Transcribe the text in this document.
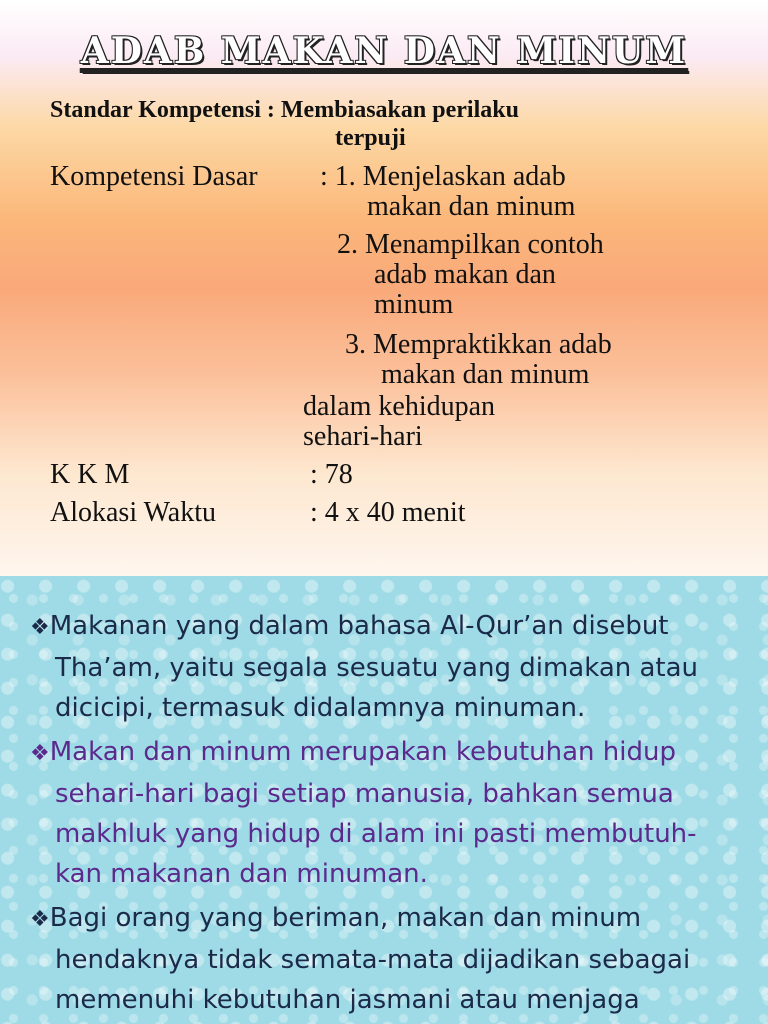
ADAB MAKAN DAN MINUM
Standar Kompetensi : Membiasakan perilaku
terpuji
Kompetensi Dasar : 1. Menjelaskan adab
makan dan minum
2. Menampilkan contoh
adab makan dan
minum
3. Mempraktikkan adab
makan dan minum
dalam kehidupan
sehari-hari
K K M	: 78
Alokasi Waktu	: 4 x 40 menit
❖Makanan yang dalam bahasa Al-Qur’an disebut
Tha’am, yaitu segala sesuatu yang dimakan atau
dicicipi, termasuk didalamnya minuman.
❖Makan dan minum merupakan kebutuhan hidup
sehari-hari bagi setiap manusia, bahkan semua
makhluk yang hidup di alam ini pasti membutuh-
kan makanan dan minuman.
❖Bagi orang yang beriman, makan dan minum
hendaknya tidak semata-mata dijadikan sebagai
memenuhi kebutuhan jasmani atau menjaga
